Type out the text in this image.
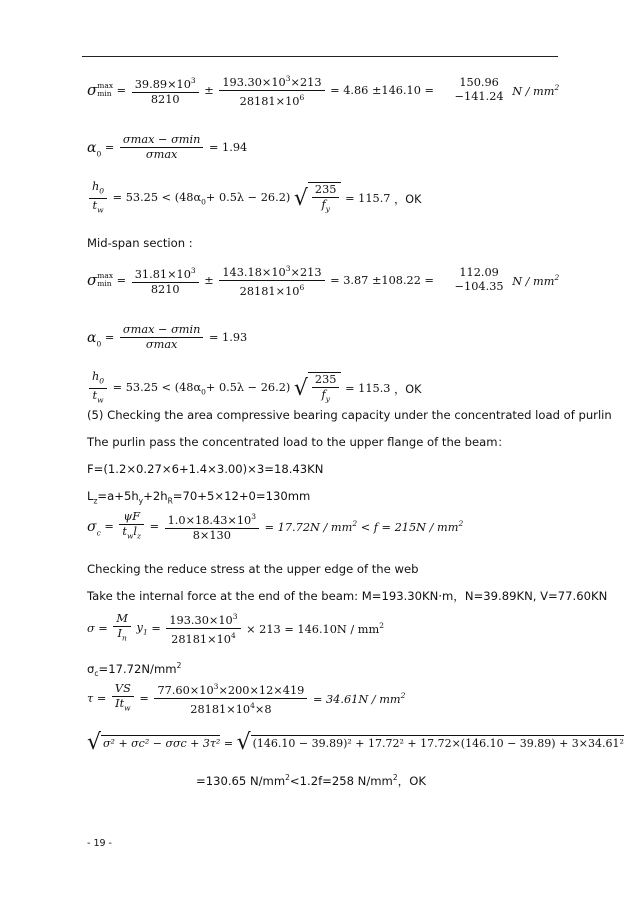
σmax
$\min = \frac{39.89\times 10^3}{8210} \pm \frac{193.30\times 10^3\times 213}{28181\times 10^6} = 4.86 \pm 146.10$ =
150.96
−141.24 N / $mm^2$
$\alpha_0 = \frac{\sigma\max - \sigma\min}{\sigma\max} = 1.94$
$\frac{h_0}{t_w} = 53.25 < (48\alpha_0+ 0.5\lambda - 26.2)$ √ $\frac{235}{f_y} = 115.7$ ，OK
Mid-span section :
σmax
$\min = \frac{31.81\times 10^3}{8210} \pm \frac{143.18\times 10^3\times 213}{28181\times 10^6} = 3.87 \pm 108.22$ =
112.09
−104.35 N / $mm^2$
$\alpha_0 = \frac{\sigma\max - \sigma\min}{\sigma\max} = 1.93$
$\frac{h_0}{t_w} = 53.25 < (48\alpha_0+ 0.5\lambda - 26.2)$ √ $\frac{235}{f_y} = 115.3$ ，OK
(5) Checking the area compressive bearing capacity under the concentrated load of purlin
The purlin pass the concentrated load to the upper flange of the beam：
F=(1.2×0.27×6+1.4×3.00)×3=18.43KN
$L_z=a+5h_y+2h_R=70+5\times 12+0=130mm$
$\sigma_c = \frac{\psi F}{t_wl_z} = \frac{1.0\times 18.43\times 10^3}{8\times 130} = 17.72N / mm^2 < f = 215N / mm^2$
Checking the reduce stress at the upper edge of the web
Take the internal force at the end of the beam: M=193.30KN·m，N=39.89KN, V=77.60KN
$\sigma = \frac{M}{I_n} y_1 = \frac{193.30\times 10^3}{28181\times 10^4} \times 213 = 146.10N / mm^2$
$\sigma_c=17.72N/mm^2$
$\tau = \frac{VS}{It_w} = \frac{77.60\times 10^3\times 200\times 12\times 419}{28181\times 10^4\times 8} = 34.61N / mm^2$
√ σ² + σc² − σσc + 3τ² = √ (146.10 − 39.89)² + 17.72² + 17.72×(146.10 − 39.89) + 3×34.61²
=130.65 $N/mm^2<1.2f=258$ $N/mm^2$，OK
- 19 -
